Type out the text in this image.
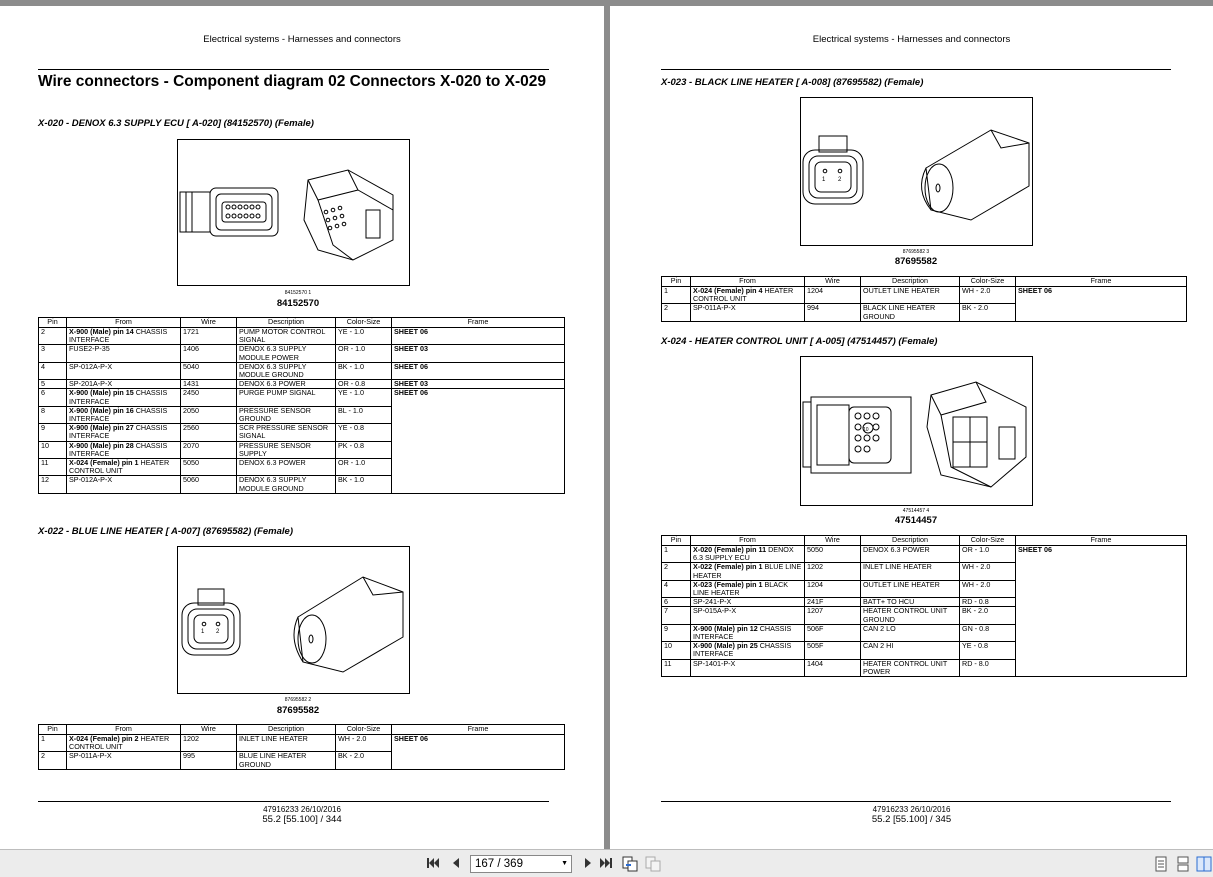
Electrical systems - Harnesses and connectors
Wire connectors - Component diagram 02 Connectors X-020 to X-029
X-020 - DENOX 6.3 SUPPLY ECU [ A-020] (84152570) (Female)
84152570 1
84152570
Pin	From	Wire	Description	Color-Size	Frame
2	X-900 (Male) pin 14 CHASSIS INTERFACE	1721	PUMP MOTOR CONTROL SIGNAL	YE - 1.0	SHEET 06
3	FUSE2-P-35	1406	DENOX 6.3 SUPPLY MODULE POWER	OR - 1.0	SHEET 03
4	SP-012A-P-X	5040	DENOX 6.3 SUPPLY MODULE GROUND	BK - 1.0	SHEET 06
5	SP-201A-P-X	1431	DENOX 6.3 POWER	OR - 0.8	SHEET 03
6	X-900 (Male) pin 15 CHASSIS INTERFACE	2450	PURGE PUMP SIGNAL	YE - 1.0	SHEET 06
8	X-900 (Male) pin 16 CHASSIS INTERFACE	2050	PRESSURE SENSOR GROUND	BL - 1.0	
9	X-900 (Male) pin 27 CHASSIS INTERFACE	2560	SCR PRESSURE SENSOR SIGNAL	YE - 0.8	
10	X-900 (Male) pin 28 CHASSIS INTERFACE	2070	PRESSURE SENSOR SUPPLY	PK - 0.8	
11	X-024 (Female) pin 1 HEATER CONTROL UNIT	5050	DENOX 6.3 POWER	OR - 1.0	
12	SP-012A-P-X	5060	DENOX 6.3 SUPPLY MODULE GROUND	BK - 1.0	
X-022 - BLUE LINE HEATER [ A-007] (87695582) (Female)
1 2
87695582 2
87695582
Pin	From	Wire	Description	Color-Size	Frame
1	X-024 (Female) pin 2 HEATER CONTROL UNIT	1202	INLET LINE HEATER	WH - 2.0	SHEET 06
2	SP-011A-P-X	995	BLUE LINE HEATER GROUND	BK - 2.0	
47916233 26/10/2016
55.2 [55.100] / 344
Electrical systems - Harnesses and connectors
X-023 - BLACK LINE HEATER [ A-008] (87695582) (Female)
1 2
87695582 3
87695582
Pin	From	Wire	Description	Color-Size	Frame
1	X-024 (Female) pin 4 HEATER CONTROL UNIT	1204	OUTLET LINE HEATER	WH - 2.0	SHEET 06
2	SP-011A-P-X	994	BLACK LINE HEATER GROUND	BK - 2.0	
X-024 - HEATER CONTROL UNIT [ A-005] (47514457) (Female)
10
47514457 4
47514457
Pin	From	Wire	Description	Color-Size	Frame
1	X-020 (Female) pin 11 DENOX 6.3 SUPPLY ECU	5050	DENOX 6.3 POWER	OR - 1.0	SHEET 06
2	X-022 (Female) pin 1 BLUE LINE HEATER	1202	INLET LINE HEATER	WH - 2.0	
4	X-023 (Female) pin 1 BLACK LINE HEATER	1204	OUTLET LINE HEATER	WH - 2.0	
6	SP-241-P-X	241F	BATT+ TO HCU	RD - 0.8	
7	SP-015A-P-X	1207	HEATER CONTROL UNIT GROUND	BK - 2.0	
9	X-900 (Male) pin 12 CHASSIS INTERFACE	506F	CAN 2 LO	GN - 0.8	
10	X-900 (Male) pin 25 CHASSIS INTERFACE	505F	CAN 2 HI	YE - 0.8	
11	SP-1401-P-X	1404	HEATER CONTROL UNIT POWER	RD - 8.0	
47916233 26/10/2016
55.2 [55.100] / 345
167 / 369	▼
